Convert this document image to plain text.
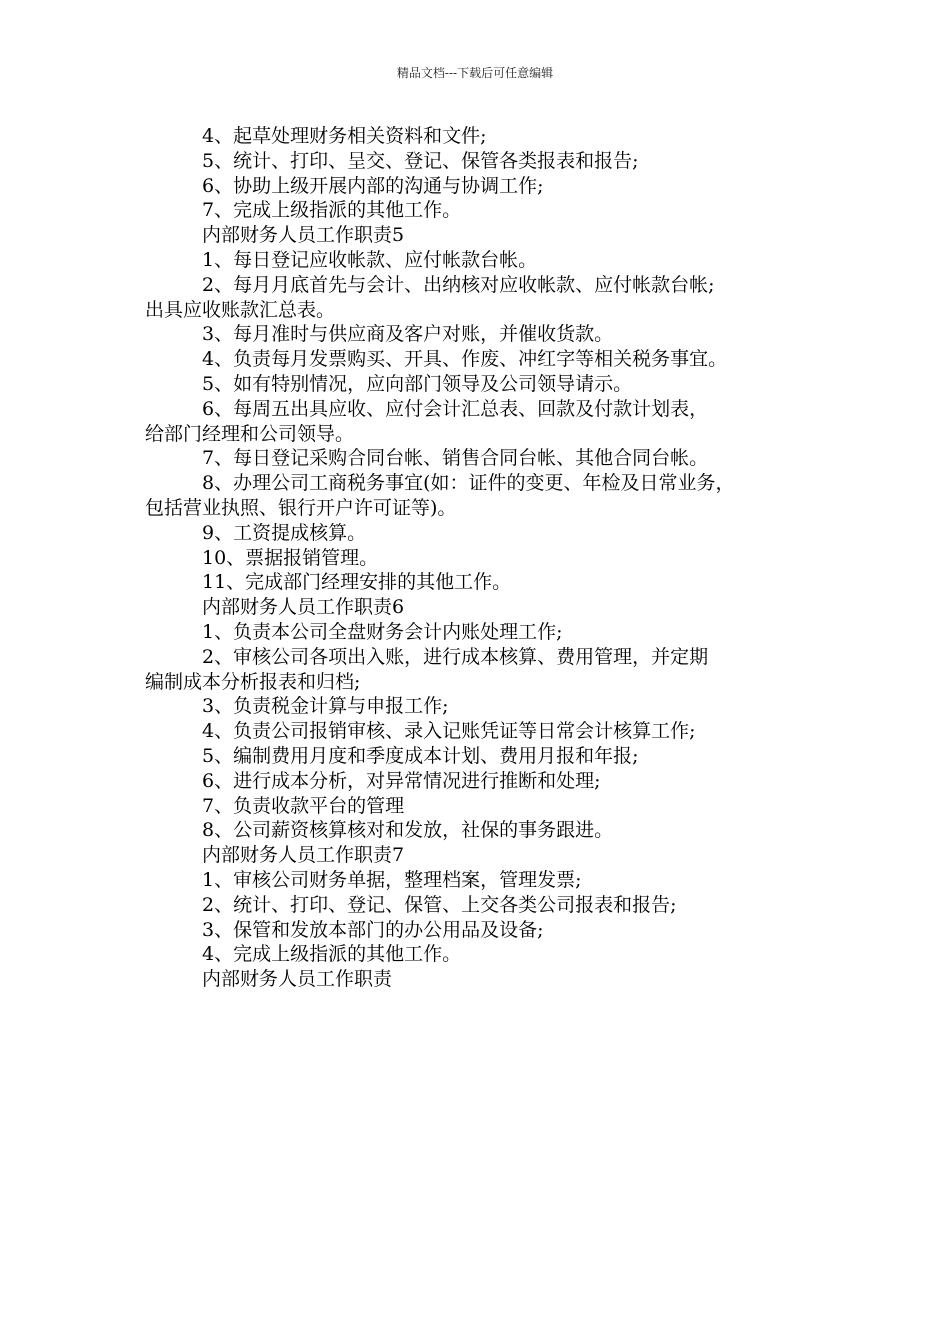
精品文档---下载后可任意编辑
4、起草处理财务相关资料和文件;
5、统计、打印、呈交、登记、保管各类报表和报告;
6、协助上级开展内部的沟通与协调工作;
7、完成上级指派的其他工作。
内部财务人员工作职责5
1、每日登记应收帐款、应付帐款台帐。
2、每月月底首先与会计、出纳核对应收帐款、应付帐款台帐;
出具应收账款汇总表。
3、每月准时与供应商及客户对账，并催收货款。
4、负责每月发票购买、开具、作废、冲红字等相关税务事宜。
5、如有特别情况，应向部门领导及公司领导请示。
6、每周五出具应收、应付会计汇总表、回款及付款计划表，
给部门经理和公司领导。
7、每日登记采购合同台帐、销售合同台帐、其他合同台帐。
8、办理公司工商税务事宜(如：证件的变更、年检及日常业务，
包括营业执照、银行开户许可证等)。
9、工资提成核算。
10、票据报销管理。
11、完成部门经理安排的其他工作。
内部财务人员工作职责6
1、负责本公司全盘财务会计内账处理工作;
2、审核公司各项出入账，进行成本核算、费用管理，并定期
编制成本分析报表和归档;
3、负责税金计算与申报工作;
4、负责公司报销审核、录入记账凭证等日常会计核算工作;
5、编制费用月度和季度成本计划、费用月报和年报;
6、进行成本分析，对异常情况进行推断和处理;
7、负责收款平台的管理
8、公司薪资核算核对和发放，社保的事务跟进。
内部财务人员工作职责7
1、审核公司财务单据，整理档案，管理发票;
2、统计、打印、登记、保管、上交各类公司报表和报告;
3、保管和发放本部门的办公用品及设备;
4、完成上级指派的其他工作。
内部财务人员工作职责
